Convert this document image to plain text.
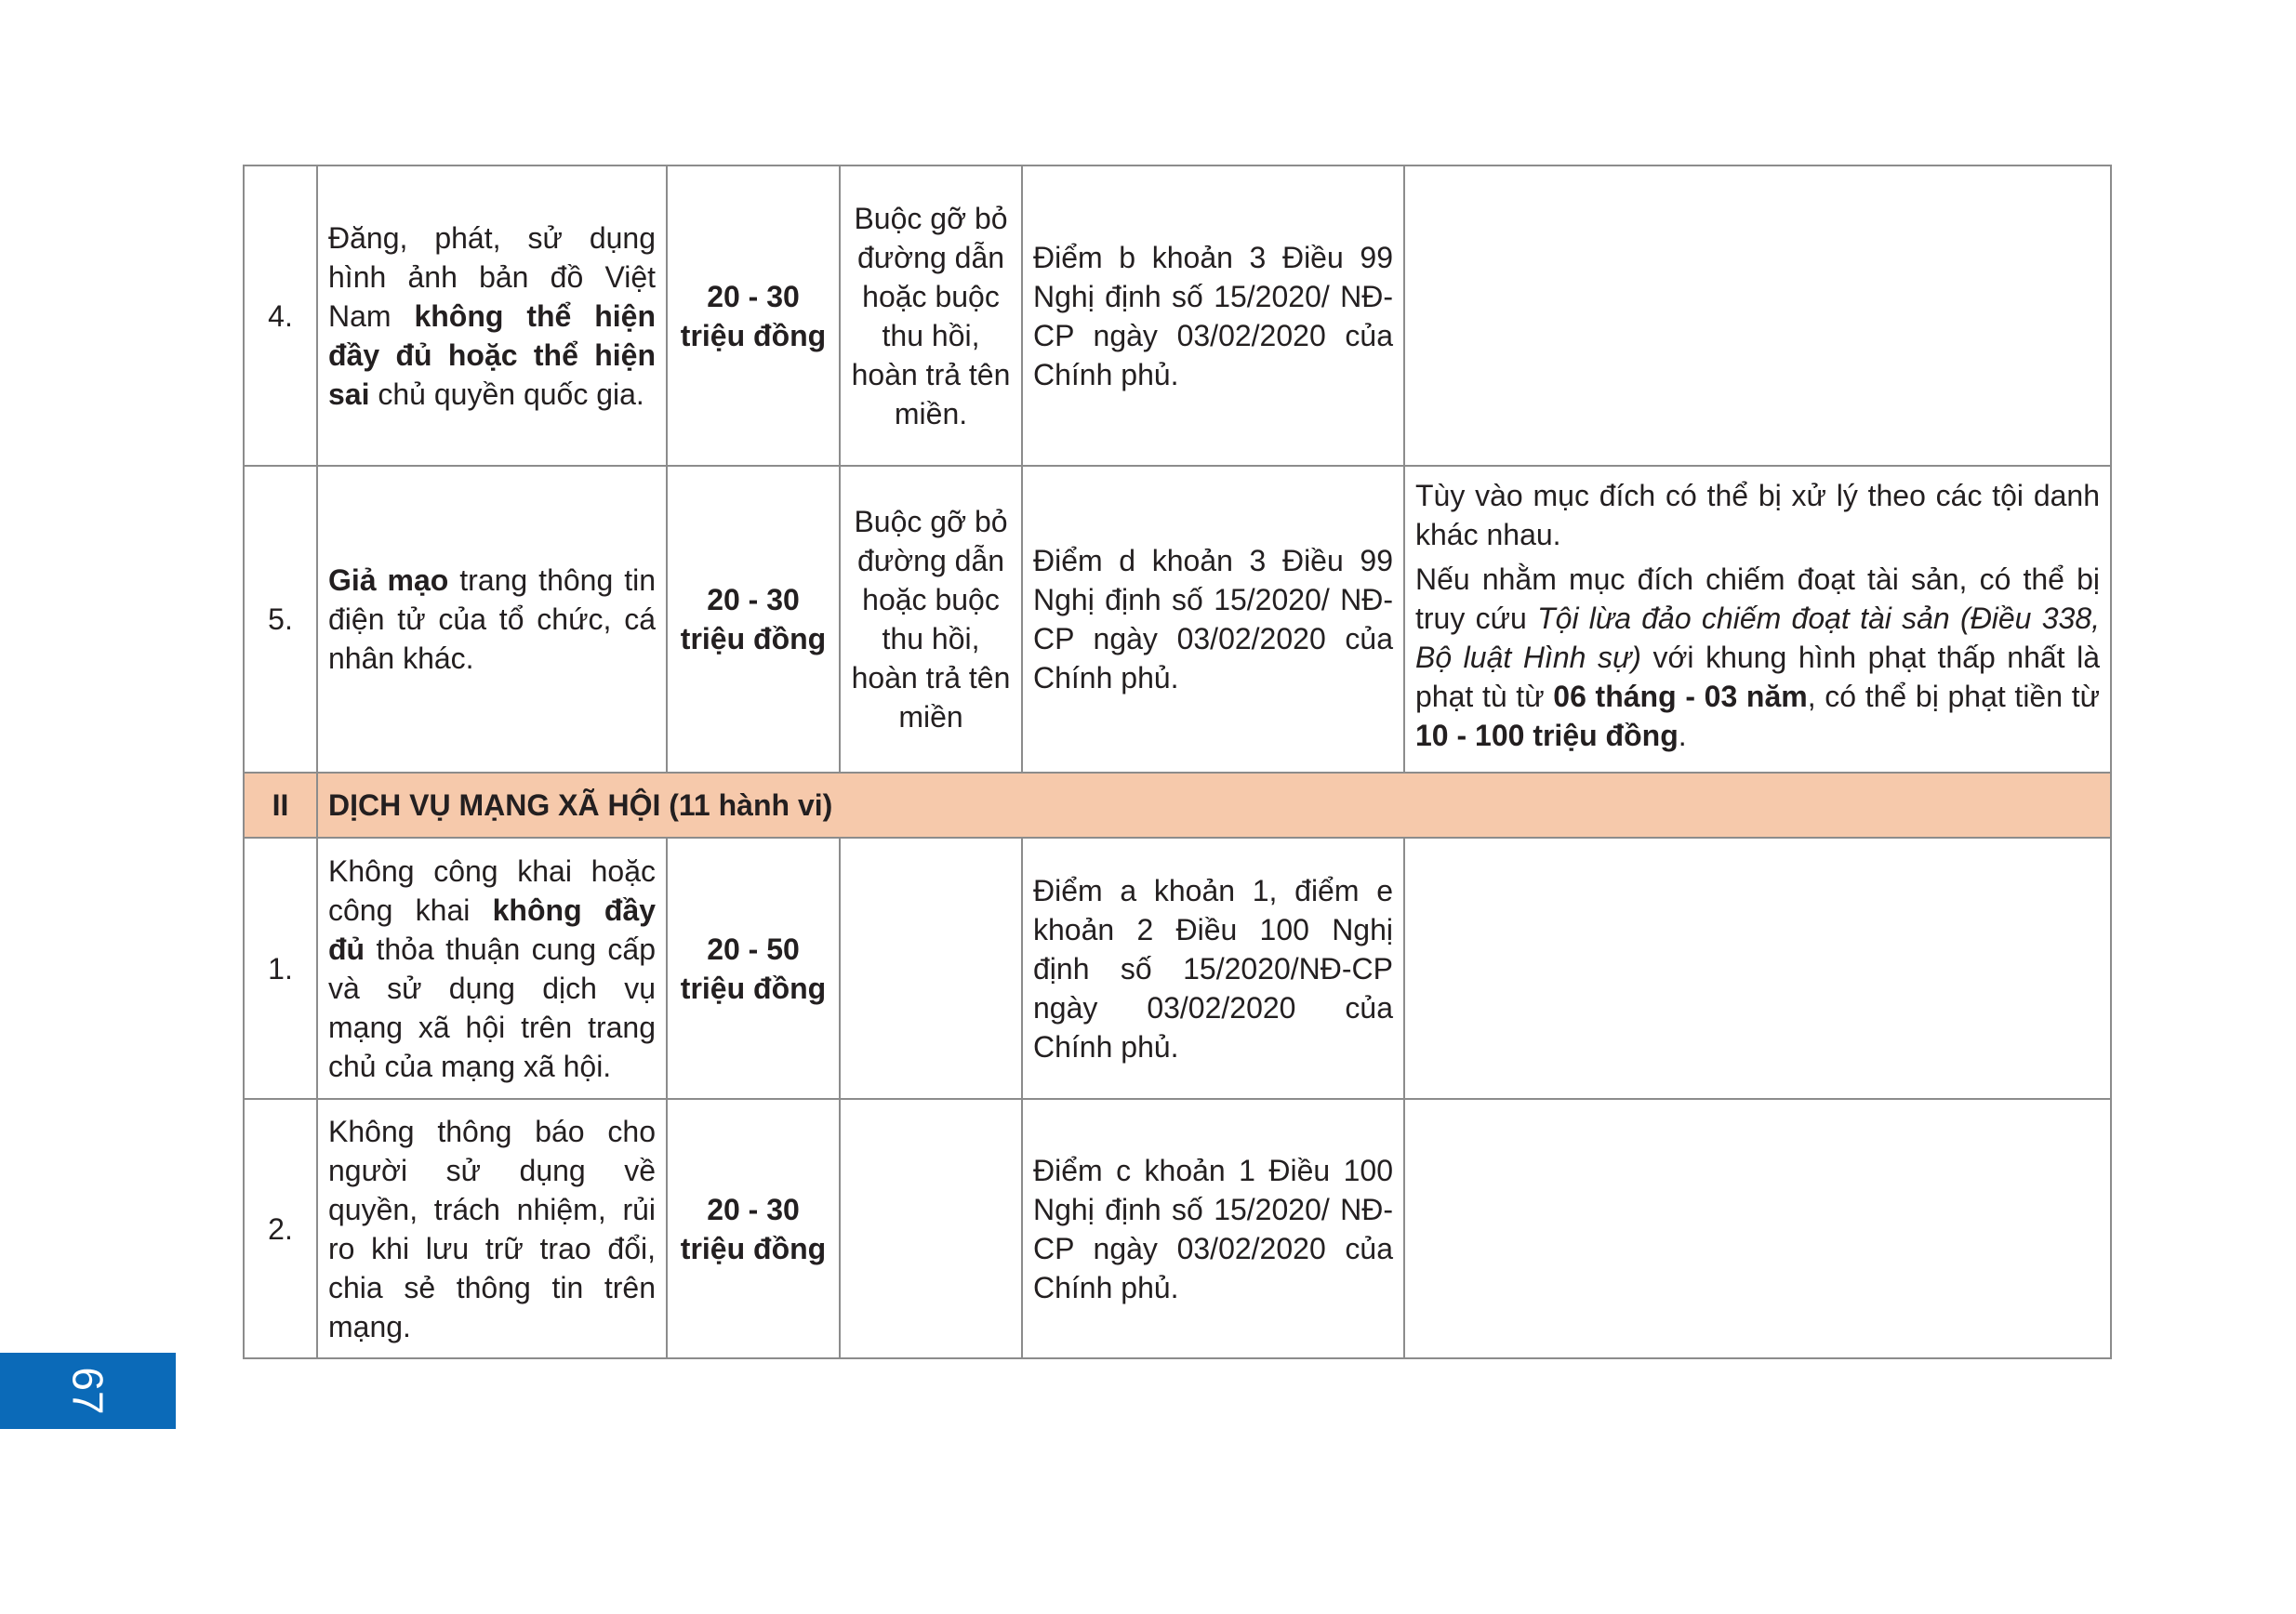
4.	Đăng, phát, sử dụng hình ảnh bản đồ Việt Nam không thể hiện đầy đủ hoặc thể hiện sai chủ quyền quốc gia.	20 - 30 triệu đồng	Buộc gỡ bỏ đường dẫn hoặc buộc thu hồi, hoàn trả tên miền.	Điểm b khoản 3 Điều 99 Nghị định số 15/2020/ NĐ-CP ngày 03/02/2020 của Chính phủ.	
5.	Giả mạo trang thông tin điện tử của tổ chức, cá nhân khác.	20 - 30 triệu đồng	Buộc gỡ bỏ đường dẫn hoặc buộc thu hồi, hoàn trả tên miền	Điểm d khoản 3 Điều 99 Nghị định số 15/2020/ NĐ-CP ngày 03/02/2020 của Chính phủ.	Tùy vào mục đích có thể bị xử lý theo các tội danh khác nhau.

Nếu nhằm mục đích chiếm đoạt tài sản, có thể bị truy cứu Tội lừa đảo chiếm đoạt tài sản (Điều 338, Bộ luật Hình sự) với khung hình phạt thấp nhất là phạt tù từ 06 tháng - 03 năm, có thể bị phạt tiền từ 10 - 100 triệu đồng.

II	DỊCH VỤ MẠNG XÃ HỘI (11 hành vi)				
1.	Không công khai hoặc công khai không đầy đủ thỏa thuận cung cấp và sử dụng dịch vụ mạng xã hội trên trang chủ của mạng xã hội.	20 - 50 triệu đồng		Điểm a khoản 1, điểm e khoản 2 Điều 100 Nghị định số 15/2020/NĐ-CP ngày 03/02/2020 của Chính phủ.	
2.	Không thông báo cho người sử dụng về quyền, trách nhiệm, rủi ro khi lưu trữ trao đổi, chia sẻ thông tin trên mạng.	20 - 30 triệu đồng		Điểm c khoản 1 Điều 100 Nghị định số 15/2020/ NĐ-CP ngày 03/02/2020 của Chính phủ.	
67
